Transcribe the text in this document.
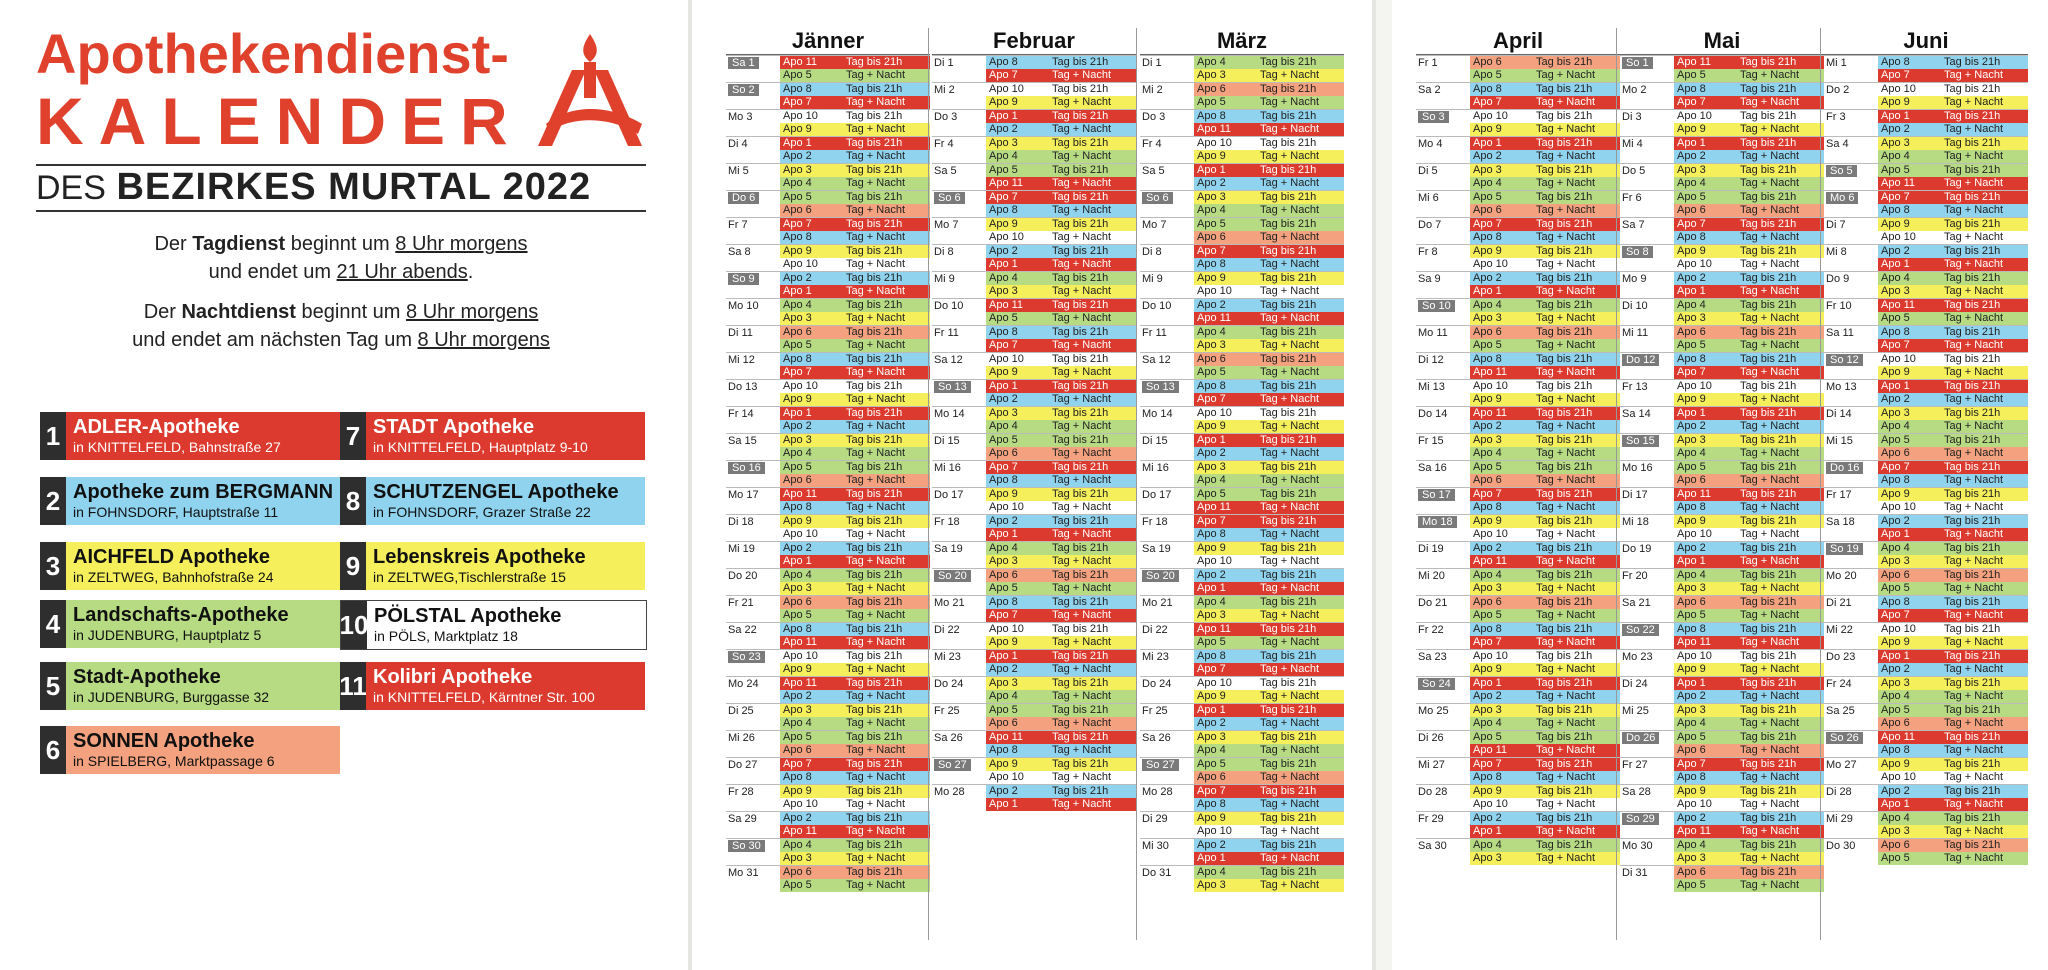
Apothekendienst-
KALENDER
DES BEZIRKES MURTAL 2022
Der Tagdienst beginnt um 8 Uhr morgens
und endet um 21 Uhr abends.
Der Nachtdienst beginnt um 8 Uhr morgens
und endet am nächsten Tag um 8 Uhr morgens
1 ADLER-Apotheke
in KNITTELFELD, Bahnstraße 27
2 Apotheke zum BERGMANN
in FOHNSDORF, Hauptstraße 11
3 AICHFELD Apotheke
in ZELTWEG, Bahnhofstraße 24
4 Landschafts-Apotheke
in JUDENBURG, Hauptplatz 5
5 Stadt-Apotheke
in JUDENBURG, Burggasse 32
6 SONNEN Apotheke
in SPIELBERG, Marktpassage 6
7 STADT Apotheke
in KNITTELFELD, Hauptplatz 9-10
8 SCHUTZENGEL Apotheke
in FOHNSDORF, Grazer Straße 22
9 Lebenskreis Apotheke
in ZELTWEG,Tischlerstraße 15
10 PÖLSTAL Apotheke
in PÖLS, Marktplatz 18
11 Kolibri Apotheke
in KNITTELFELD, Kärntner Str. 100
Jänner
Sa 1	Apo 11	Tag bis 21h
Apo 5	Tag + Nacht
So 2	Apo 8	Tag bis 21h
Apo 7	Tag + Nacht
Mo 3	Apo 10	Tag bis 21h
Apo 9	Tag + Nacht
Di 4	Apo 1	Tag bis 21h
Apo 2	Tag + Nacht
Mi 5	Apo 3	Tag bis 21h
Apo 4	Tag + Nacht
Do 6	Apo 5	Tag bis 21h
Apo 6	Tag + Nacht
Fr 7	Apo 7	Tag bis 21h
Apo 8	Tag + Nacht
Sa 8	Apo 9	Tag bis 21h
Apo 10	Tag + Nacht
So 9	Apo 2	Tag bis 21h
Apo 1	Tag + Nacht
Mo 10	Apo 4	Tag bis 21h
Apo 3	Tag + Nacht
Di 11	Apo 6	Tag bis 21h
Apo 5	Tag + Nacht
Mi 12	Apo 8	Tag bis 21h
Apo 7	Tag + Nacht
Do 13	Apo 10	Tag bis 21h
Apo 9	Tag + Nacht
Fr 14	Apo 1	Tag bis 21h
Apo 2	Tag + Nacht
Sa 15	Apo 3	Tag bis 21h
Apo 4	Tag + Nacht
So 16	Apo 5	Tag bis 21h
Apo 6	Tag + Nacht
Mo 17	Apo 11	Tag bis 21h
Apo 8	Tag + Nacht
Di 18	Apo 9	Tag bis 21h
Apo 10	Tag + Nacht
Mi 19	Apo 2	Tag bis 21h
Apo 1	Tag + Nacht
Do 20	Apo 4	Tag bis 21h
Apo 3	Tag + Nacht
Fr 21	Apo 6	Tag bis 21h
Apo 5	Tag + Nacht
Sa 22	Apo 8	Tag bis 21h
Apo 11	Tag + Nacht
So 23	Apo 10	Tag bis 21h
Apo 9	Tag + Nacht
Mo 24	Apo 11	Tag bis 21h
Apo 2	Tag + Nacht
Di 25	Apo 3	Tag bis 21h
Apo 4	Tag + Nacht
Mi 26	Apo 5	Tag bis 21h
Apo 6	Tag + Nacht
Do 27	Apo 7	Tag bis 21h
Apo 8	Tag + Nacht
Fr 28	Apo 9	Tag bis 21h
Apo 10	Tag + Nacht
Sa 29	Apo 2	Tag bis 21h
Apo 11	Tag + Nacht
So 30	Apo 4	Tag bis 21h
Apo 3	Tag + Nacht
Mo 31	Apo 6	Tag bis 21h
Apo 5	Tag + Nacht
Februar
Di 1	Apo 8	Tag bis 21h
Apo 7	Tag + Nacht
Mi 2	Apo 10	Tag bis 21h
Apo 9	Tag + Nacht
Do 3	Apo 1	Tag bis 21h
Apo 2	Tag + Nacht
Fr 4	Apo 3	Tag bis 21h
Apo 4	Tag + Nacht
Sa 5	Apo 5	Tag bis 21h
Apo 11	Tag + Nacht
So 6	Apo 7	Tag bis 21h
Apo 8	Tag + Nacht
Mo 7	Apo 9	Tag bis 21h
Apo 10	Tag + Nacht
Di 8	Apo 2	Tag bis 21h
Apo 1	Tag + Nacht
Mi 9	Apo 4	Tag bis 21h
Apo 3	Tag + Nacht
Do 10	Apo 11	Tag bis 21h
Apo 5	Tag + Nacht
Fr 11	Apo 8	Tag bis 21h
Apo 7	Tag + Nacht
Sa 12	Apo 10	Tag bis 21h
Apo 9	Tag + Nacht
So 13	Apo 1	Tag bis 21h
Apo 2	Tag + Nacht
Mo 14	Apo 3	Tag bis 21h
Apo 4	Tag + Nacht
Di 15	Apo 5	Tag bis 21h
Apo 6	Tag + Nacht
Mi 16	Apo 7	Tag bis 21h
Apo 8	Tag + Nacht
Do 17	Apo 9	Tag bis 21h
Apo 10	Tag + Nacht
Fr 18	Apo 2	Tag bis 21h
Apo 1	Tag + Nacht
Sa 19	Apo 4	Tag bis 21h
Apo 3	Tag + Nacht
So 20	Apo 6	Tag bis 21h
Apo 5	Tag + Nacht
Mo 21	Apo 8	Tag bis 21h
Apo 7	Tag + Nacht
Di 22	Apo 10	Tag bis 21h
Apo 9	Tag + Nacht
Mi 23	Apo 1	Tag bis 21h
Apo 2	Tag + Nacht
Do 24	Apo 3	Tag bis 21h
Apo 4	Tag + Nacht
Fr 25	Apo 5	Tag bis 21h
Apo 6	Tag + Nacht
Sa 26	Apo 11	Tag bis 21h
Apo 8	Tag + Nacht
So 27	Apo 9	Tag bis 21h
Apo 10	Tag + Nacht
Mo 28	Apo 2	Tag bis 21h
Apo 1	Tag + Nacht
März
Di 1	Apo 4	Tag bis 21h
Apo 3	Tag + Nacht
Mi 2	Apo 6	Tag bis 21h
Apo 5	Tag + Nacht
Do 3	Apo 8	Tag bis 21h
Apo 11	Tag + Nacht
Fr 4	Apo 10	Tag bis 21h
Apo 9	Tag + Nacht
Sa 5	Apo 1	Tag bis 21h
Apo 2	Tag + Nacht
So 6	Apo 3	Tag bis 21h
Apo 4	Tag + Nacht
Mo 7	Apo 5	Tag bis 21h
Apo 6	Tag + Nacht
Di 8	Apo 7	Tag bis 21h
Apo 8	Tag + Nacht
Mi 9	Apo 9	Tag bis 21h
Apo 10	Tag + Nacht
Do 10	Apo 2	Tag bis 21h
Apo 11	Tag + Nacht
Fr 11	Apo 4	Tag bis 21h
Apo 3	Tag + Nacht
Sa 12	Apo 6	Tag bis 21h
Apo 5	Tag + Nacht
So 13	Apo 8	Tag bis 21h
Apo 7	Tag + Nacht
Mo 14	Apo 10	Tag bis 21h
Apo 9	Tag + Nacht
Di 15	Apo 1	Tag bis 21h
Apo 2	Tag + Nacht
Mi 16	Apo 3	Tag bis 21h
Apo 4	Tag + Nacht
Do 17	Apo 5	Tag bis 21h
Apo 11	Tag + Nacht
Fr 18	Apo 7	Tag bis 21h
Apo 8	Tag + Nacht
Sa 19	Apo 9	Tag bis 21h
Apo 10	Tag + Nacht
So 20	Apo 2	Tag bis 21h
Apo 1	Tag + Nacht
Mo 21	Apo 4	Tag bis 21h
Apo 3	Tag + Nacht
Di 22	Apo 11	Tag bis 21h
Apo 5	Tag + Nacht
Mi 23	Apo 8	Tag bis 21h
Apo 7	Tag + Nacht
Do 24	Apo 10	Tag bis 21h
Apo 9	Tag + Nacht
Fr 25	Apo 1	Tag bis 21h
Apo 2	Tag + Nacht
Sa 26	Apo 3	Tag bis 21h
Apo 4	Tag + Nacht
So 27	Apo 5	Tag bis 21h
Apo 6	Tag + Nacht
Mo 28	Apo 7	Tag bis 21h
Apo 8	Tag + Nacht
Di 29	Apo 9	Tag bis 21h
Apo 10	Tag + Nacht
Mi 30	Apo 2	Tag bis 21h
Apo 1	Tag + Nacht
Do 31	Apo 4	Tag bis 21h
Apo 3	Tag + Nacht
April
Fr 1	Apo 6	Tag bis 21h
Apo 5	Tag + Nacht
Sa 2	Apo 8	Tag bis 21h
Apo 7	Tag + Nacht
So 3	Apo 10	Tag bis 21h
Apo 9	Tag + Nacht
Mo 4	Apo 1	Tag bis 21h
Apo 2	Tag + Nacht
Di 5	Apo 3	Tag bis 21h
Apo 4	Tag + Nacht
Mi 6	Apo 5	Tag bis 21h
Apo 6	Tag + Nacht
Do 7	Apo 7	Tag bis 21h
Apo 8	Tag + Nacht
Fr 8	Apo 9	Tag bis 21h
Apo 10	Tag + Nacht
Sa 9	Apo 2	Tag bis 21h
Apo 1	Tag + Nacht
So 10	Apo 4	Tag bis 21h
Apo 3	Tag + Nacht
Mo 11	Apo 6	Tag bis 21h
Apo 5	Tag + Nacht
Di 12	Apo 8	Tag bis 21h
Apo 11	Tag + Nacht
Mi 13	Apo 10	Tag bis 21h
Apo 9	Tag + Nacht
Do 14	Apo 11	Tag bis 21h
Apo 2	Tag + Nacht
Fr 15	Apo 3	Tag bis 21h
Apo 4	Tag + Nacht
Sa 16	Apo 5	Tag bis 21h
Apo 6	Tag + Nacht
So 17	Apo 7	Tag bis 21h
Apo 8	Tag + Nacht
Mo 18	Apo 9	Tag bis 21h
Apo 10	Tag + Nacht
Di 19	Apo 2	Tag bis 21h
Apo 11	Tag + Nacht
Mi 20	Apo 4	Tag bis 21h
Apo 3	Tag + Nacht
Do 21	Apo 6	Tag bis 21h
Apo 5	Tag + Nacht
Fr 22	Apo 8	Tag bis 21h
Apo 7	Tag + Nacht
Sa 23	Apo 10	Tag bis 21h
Apo 9	Tag + Nacht
So 24	Apo 1	Tag bis 21h
Apo 2	Tag + Nacht
Mo 25	Apo 3	Tag bis 21h
Apo 4	Tag + Nacht
Di 26	Apo 5	Tag bis 21h
Apo 11	Tag + Nacht
Mi 27	Apo 7	Tag bis 21h
Apo 8	Tag + Nacht
Do 28	Apo 9	Tag bis 21h
Apo 10	Tag + Nacht
Fr 29	Apo 2	Tag bis 21h
Apo 1	Tag + Nacht
Sa 30	Apo 4	Tag bis 21h
Apo 3	Tag + Nacht
Mai
So 1	Apo 11	Tag bis 21h
Apo 5	Tag + Nacht
Mo 2	Apo 8	Tag bis 21h
Apo 7	Tag + Nacht
Di 3	Apo 10	Tag bis 21h
Apo 9	Tag + Nacht
Mi 4	Apo 1	Tag bis 21h
Apo 2	Tag + Nacht
Do 5	Apo 3	Tag bis 21h
Apo 4	Tag + Nacht
Fr 6	Apo 5	Tag bis 21h
Apo 6	Tag + Nacht
Sa 7	Apo 7	Tag bis 21h
Apo 8	Tag + Nacht
So 8	Apo 9	Tag bis 21h
Apo 10	Tag + Nacht
Mo 9	Apo 2	Tag bis 21h
Apo 1	Tag + Nacht
Di 10	Apo 4	Tag bis 21h
Apo 3	Tag + Nacht
Mi 11	Apo 6	Tag bis 21h
Apo 5	Tag + Nacht
Do 12	Apo 8	Tag bis 21h
Apo 7	Tag + Nacht
Fr 13	Apo 10	Tag bis 21h
Apo 9	Tag + Nacht
Sa 14	Apo 1	Tag bis 21h
Apo 2	Tag + Nacht
So 15	Apo 3	Tag bis 21h
Apo 4	Tag + Nacht
Mo 16	Apo 5	Tag bis 21h
Apo 6	Tag + Nacht
Di 17	Apo 11	Tag bis 21h
Apo 8	Tag + Nacht
Mi 18	Apo 9	Tag bis 21h
Apo 10	Tag + Nacht
Do 19	Apo 2	Tag bis 21h
Apo 1	Tag + Nacht
Fr 20	Apo 4	Tag bis 21h
Apo 3	Tag + Nacht
Sa 21	Apo 6	Tag bis 21h
Apo 5	Tag + Nacht
So 22	Apo 8	Tag bis 21h
Apo 11	Tag + Nacht
Mo 23	Apo 10	Tag bis 21h
Apo 9	Tag + Nacht
Di 24	Apo 1	Tag bis 21h
Apo 2	Tag + Nacht
Mi 25	Apo 3	Tag bis 21h
Apo 4	Tag + Nacht
Do 26	Apo 5	Tag bis 21h
Apo 6	Tag + Nacht
Fr 27	Apo 7	Tag bis 21h
Apo 8	Tag + Nacht
Sa 28	Apo 9	Tag bis 21h
Apo 10	Tag + Nacht
So 29	Apo 2	Tag bis 21h
Apo 11	Tag + Nacht
Mo 30	Apo 4	Tag bis 21h
Apo 3	Tag + Nacht
Di 31	Apo 6	Tag bis 21h
Apo 5	Tag + Nacht
Juni
Mi 1	Apo 8	Tag bis 21h
Apo 7	Tag + Nacht
Do 2	Apo 10	Tag bis 21h
Apo 9	Tag + Nacht
Fr 3	Apo 1	Tag bis 21h
Apo 2	Tag + Nacht
Sa 4	Apo 3	Tag bis 21h
Apo 4	Tag + Nacht
So 5	Apo 5	Tag bis 21h
Apo 11	Tag + Nacht
Mo 6	Apo 7	Tag bis 21h
Apo 8	Tag + Nacht
Di 7	Apo 9	Tag bis 21h
Apo 10	Tag + Nacht
Mi 8	Apo 2	Tag bis 21h
Apo 1	Tag + Nacht
Do 9	Apo 4	Tag bis 21h
Apo 3	Tag + Nacht
Fr 10	Apo 11	Tag bis 21h
Apo 5	Tag + Nacht
Sa 11	Apo 8	Tag bis 21h
Apo 7	Tag + Nacht
So 12	Apo 10	Tag bis 21h
Apo 9	Tag + Nacht
Mo 13	Apo 1	Tag bis 21h
Apo 2	Tag + Nacht
Di 14	Apo 3	Tag bis 21h
Apo 4	Tag + Nacht
Mi 15	Apo 5	Tag bis 21h
Apo 6	Tag + Nacht
Do 16	Apo 7	Tag bis 21h
Apo 8	Tag + Nacht
Fr 17	Apo 9	Tag bis 21h
Apo 10	Tag + Nacht
Sa 18	Apo 2	Tag bis 21h
Apo 1	Tag + Nacht
So 19	Apo 4	Tag bis 21h
Apo 3	Tag + Nacht
Mo 20	Apo 6	Tag bis 21h
Apo 5	Tag + Nacht
Di 21	Apo 8	Tag bis 21h
Apo 7	Tag + Nacht
Mi 22	Apo 10	Tag bis 21h
Apo 9	Tag + Nacht
Do 23	Apo 1	Tag bis 21h
Apo 2	Tag + Nacht
Fr 24	Apo 3	Tag bis 21h
Apo 4	Tag + Nacht
Sa 25	Apo 5	Tag bis 21h
Apo 6	Tag + Nacht
So 26	Apo 11	Tag bis 21h
Apo 8	Tag + Nacht
Mo 27	Apo 9	Tag bis 21h
Apo 10	Tag + Nacht
Di 28	Apo 2	Tag bis 21h
Apo 1	Tag + Nacht
Mi 29	Apo 4	Tag bis 21h
Apo 3	Tag + Nacht
Do 30	Apo 6	Tag bis 21h
Apo 5	Tag + Nacht
